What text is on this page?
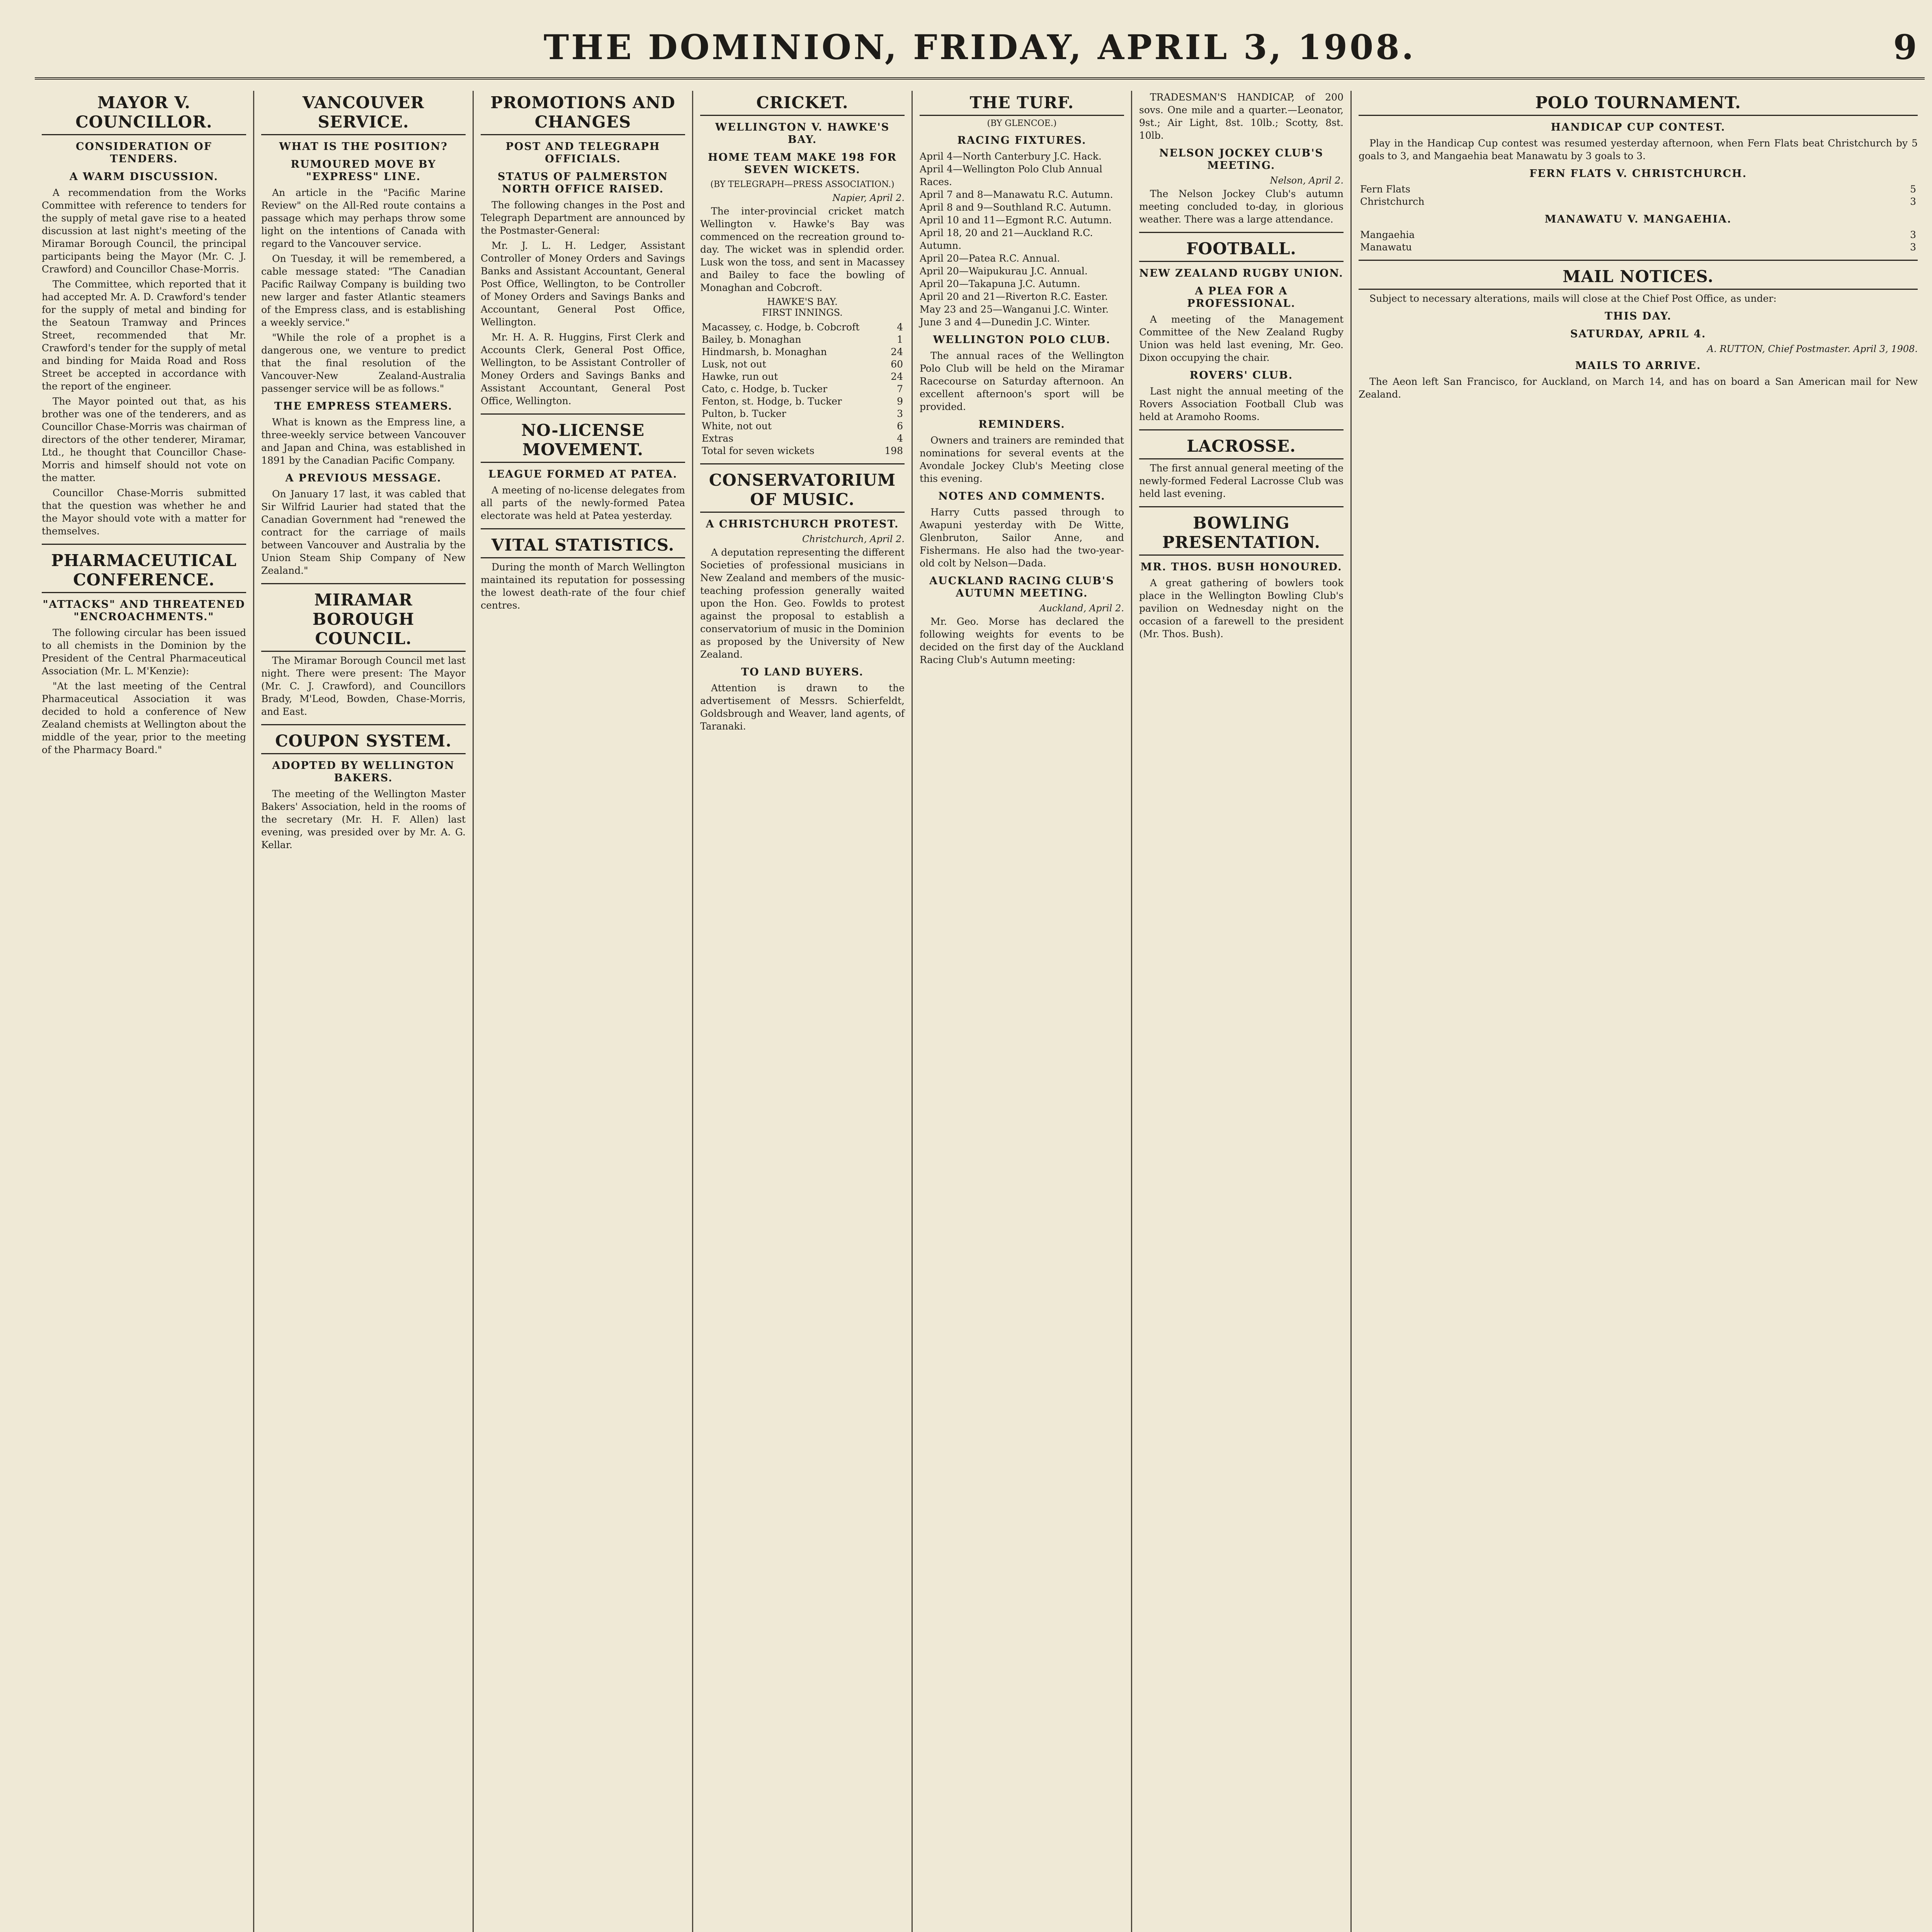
THE DOMINION, FRIDAY, APRIL 3, 1908.	9
MAYOR V. COUNCILLOR.
CONSIDERATION OF TENDERS.
A WARM DISCUSSION.

A recommendation from the Works Committee with reference to tenders for the supply of metal gave rise to a heated discussion at last night's meeting of the Miramar Borough Council, the principal participants being the Mayor (Mr. C. J. Crawford) and Councillor Chase-Morris.

The Committee, which reported that it had accepted Mr. A. D. Crawford's tender for the supply of metal and binding for the Seatoun Tramway and Princes Street, recommended that Mr. Crawford's tender for the supply of metal and binding for Maida Road and Ross Street be accepted in accordance with the report of the engineer.

The Mayor pointed out that, as his brother was one of the tenderers, and as Councillor Chase-Morris was chairman of directors of the other tenderer, Miramar, Ltd., he thought that Councillor Chase-Morris and himself should not vote on the matter.

Councillor Chase-Morris submitted that the question was whether he and the Mayor should vote with a matter for themselves.

PHARMACEUTICAL CONFERENCE.
"ATTACKS" AND THREATENED "ENCROACHMENTS."

The following circular has been issued to all chemists in the Dominion by the President of the Central Pharmaceutical Association (Mr. L. M'Kenzie):

"At the last meeting of the Central Pharmaceutical Association it was decided to hold a conference of New Zealand chemists at Wellington about the middle of the year, prior to the meeting of the Pharmacy Board."

VANCOUVER SERVICE.
WHAT IS THE POSITION?
RUMOURED MOVE BY "EXPRESS" LINE.

An article in the "Pacific Marine Review" on the All-Red route contains a passage which may perhaps throw some light on the intentions of Canada with regard to the Vancouver service.

On Tuesday, it will be remembered, a cable message stated: "The Canadian Pacific Railway Company is building two new larger and faster Atlantic steamers of the Empress class, and is establishing a weekly service."

"While the role of a prophet is a dangerous one, we venture to predict that the final resolution of the Vancouver-New Zealand-Australia passenger service will be as follows."

THE EMPRESS STEAMERS.

What is known as the Empress line, a three-weekly service between Vancouver and Japan and China, was established in 1891 by the Canadian Pacific Company.

A PREVIOUS MESSAGE.

On January 17 last, it was cabled that Sir Wilfrid Laurier had stated that the Canadian Government had "renewed the contract for the carriage of mails between Vancouver and Australia by the Union Steam Ship Company of New Zealand."

MIRAMAR BOROUGH COUNCIL.

The Miramar Borough Council met last night. There were present: The Mayor (Mr. C. J. Crawford), and Councillors Brady, M'Leod, Bowden, Chase-Morris, and East.

COUPON SYSTEM.
ADOPTED BY WELLINGTON BAKERS.

The meeting of the Wellington Master Bakers' Association, held in the rooms of the secretary (Mr. H. F. Allen) last evening, was presided over by Mr. A. G. Kellar.

PROMOTIONS AND CHANGES
POST AND TELEGRAPH OFFICIALS.
STATUS OF PALMERSTON NORTH OFFICE RAISED.

The following changes in the Post and Telegraph Department are announced by the Postmaster-General:

Mr. J. L. H. Ledger, Assistant Controller of Money Orders and Savings Banks and Assistant Accountant, General Post Office, Wellington, to be Controller of Money Orders and Savings Banks and Accountant, General Post Office, Wellington.

Mr. H. A. R. Huggins, First Clerk and Accounts Clerk, General Post Office, Wellington, to be Assistant Controller of Money Orders and Savings Banks and Assistant Accountant, General Post Office, Wellington.

NO-LICENSE MOVEMENT.
LEAGUE FORMED AT PATEA.

A meeting of no-license delegates from all parts of the newly-formed Patea electorate was held at Patea yesterday.

VITAL STATISTICS.

During the month of March Wellington maintained its reputation for possessing the lowest death-rate of the four chief centres.

CRICKET.
WELLINGTON V. HAWKE'S BAY.
HOME TEAM MAKE 198 FOR SEVEN WICKETS.
(BY TELEGRAPH—PRESS ASSOCIATION.)
Napier, April 2.

The inter-provincial cricket match Wellington v. Hawke's Bay was commenced on the recreation ground to-day. The wicket was in splendid order. Lusk won the toss, and sent in Macassey and Bailey to face the bowling of Monaghan and Cobcroft.

HAWKE'S BAY.
FIRST INNINGS.
Macassey, c. Hodge, b. Cobcroft	4
Bailey, b. Monaghan	1
Hindmarsh, b. Monaghan	24
Lusk, not out	60
Hawke, run out	24
Cato, c. Hodge, b. Tucker	7
Fenton, st. Hodge, b. Tucker	9
Pulton, b. Tucker	3
White, not out	6
Extras	4
Total for seven wickets	198
CONSERVATORIUM OF MUSIC.
A CHRISTCHURCH PROTEST.
Christchurch, April 2.

A deputation representing the different Societies of professional musicians in New Zealand and members of the music-teaching profession generally waited upon the Hon. Geo. Fowlds to protest against the proposal to establish a conservatorium of music in the Dominion as proposed by the University of New Zealand.

TO LAND BUYERS.

Attention is drawn to the advertisement of Messrs. Schierfeldt, Goldsbrough and Weaver, land agents, of Taranaki.

THE TURF.
(BY GLENCOE.)
RACING FIXTURES.
April 4—North Canterbury J.C. Hack.
April 4—Wellington Polo Club Annual Races.
April 7 and 8—Manawatu R.C. Autumn.
April 8 and 9—Southland R.C. Autumn.
April 10 and 11—Egmont R.C. Autumn.
April 18, 20 and 21—Auckland R.C. Autumn.
April 20—Patea R.C. Annual.
April 20—Waipukurau J.C. Annual.
April 20—Takapuna J.C. Autumn.
April 20 and 21—Riverton R.C. Easter.
May 23 and 25—Wanganui J.C. Winter.
June 3 and 4—Dunedin J.C. Winter.
WELLINGTON POLO CLUB.

The annual races of the Wellington Polo Club will be held on the Miramar Racecourse on Saturday afternoon. An excellent afternoon's sport will be provided.

REMINDERS.

Owners and trainers are reminded that nominations for several events at the Avondale Jockey Club's Meeting close this evening.

NOTES AND COMMENTS.

Harry Cutts passed through to Awapuni yesterday with De Witte, Glenbruton, Sailor Anne, and Fishermans. He also had the two-year-old colt by Nelson—Dada.

AUCKLAND RACING CLUB'S AUTUMN MEETING.
Auckland, April 2.

Mr. Geo. Morse has declared the following weights for events to be decided on the first day of the Auckland Racing Club's Autumn meeting:

TRADESMAN'S HANDICAP, of 200 sovs. One mile and a quarter.—Leonator, 9st.; Air Light, 8st. 10lb.; Scotty, 8st. 10lb.

NELSON JOCKEY CLUB'S MEETING.
Nelson, April 2.

The Nelson Jockey Club's autumn meeting concluded to-day, in glorious weather. There was a large attendance.

FOOTBALL.
NEW ZEALAND RUGBY UNION.
A PLEA FOR A PROFESSIONAL.

A meeting of the Management Committee of the New Zealand Rugby Union was held last evening, Mr. Geo. Dixon occupying the chair.

ROVERS' CLUB.

Last night the annual meeting of the Rovers Association Football Club was held at Aramoho Rooms.

LACROSSE.

The first annual general meeting of the newly-formed Federal Lacrosse Club was held last evening.

BOWLING PRESENTATION.
MR. THOS. BUSH HONOURED.

A great gathering of bowlers took place in the Wellington Bowling Club's pavilion on Wednesday night on the occasion of a farewell to the president (Mr. Thos. Bush).

POLO TOURNAMENT.
HANDICAP CUP CONTEST.

Play in the Handicap Cup contest was resumed yesterday afternoon, when Fern Flats beat Christchurch by 5 goals to 3, and Mangaehia beat Manawatu by 3 goals to 3.

FERN FLATS V. CHRISTCHURCH.
Fern Flats	5
Christchurch	3
MANAWATU V. MANGAEHIA.
Mangaehia	3
Manawatu	3
MAIL NOTICES.

Subject to necessary alterations, mails will close at the Chief Post Office, as under:

THIS DAY.
SATURDAY, APRIL 4.
A. RUTTON, Chief Postmaster. April 3, 1908.
MAILS TO ARRIVE.

The Aeon left San Francisco, for Auckland, on March 14, and has on board a San American mail for New Zealand.
